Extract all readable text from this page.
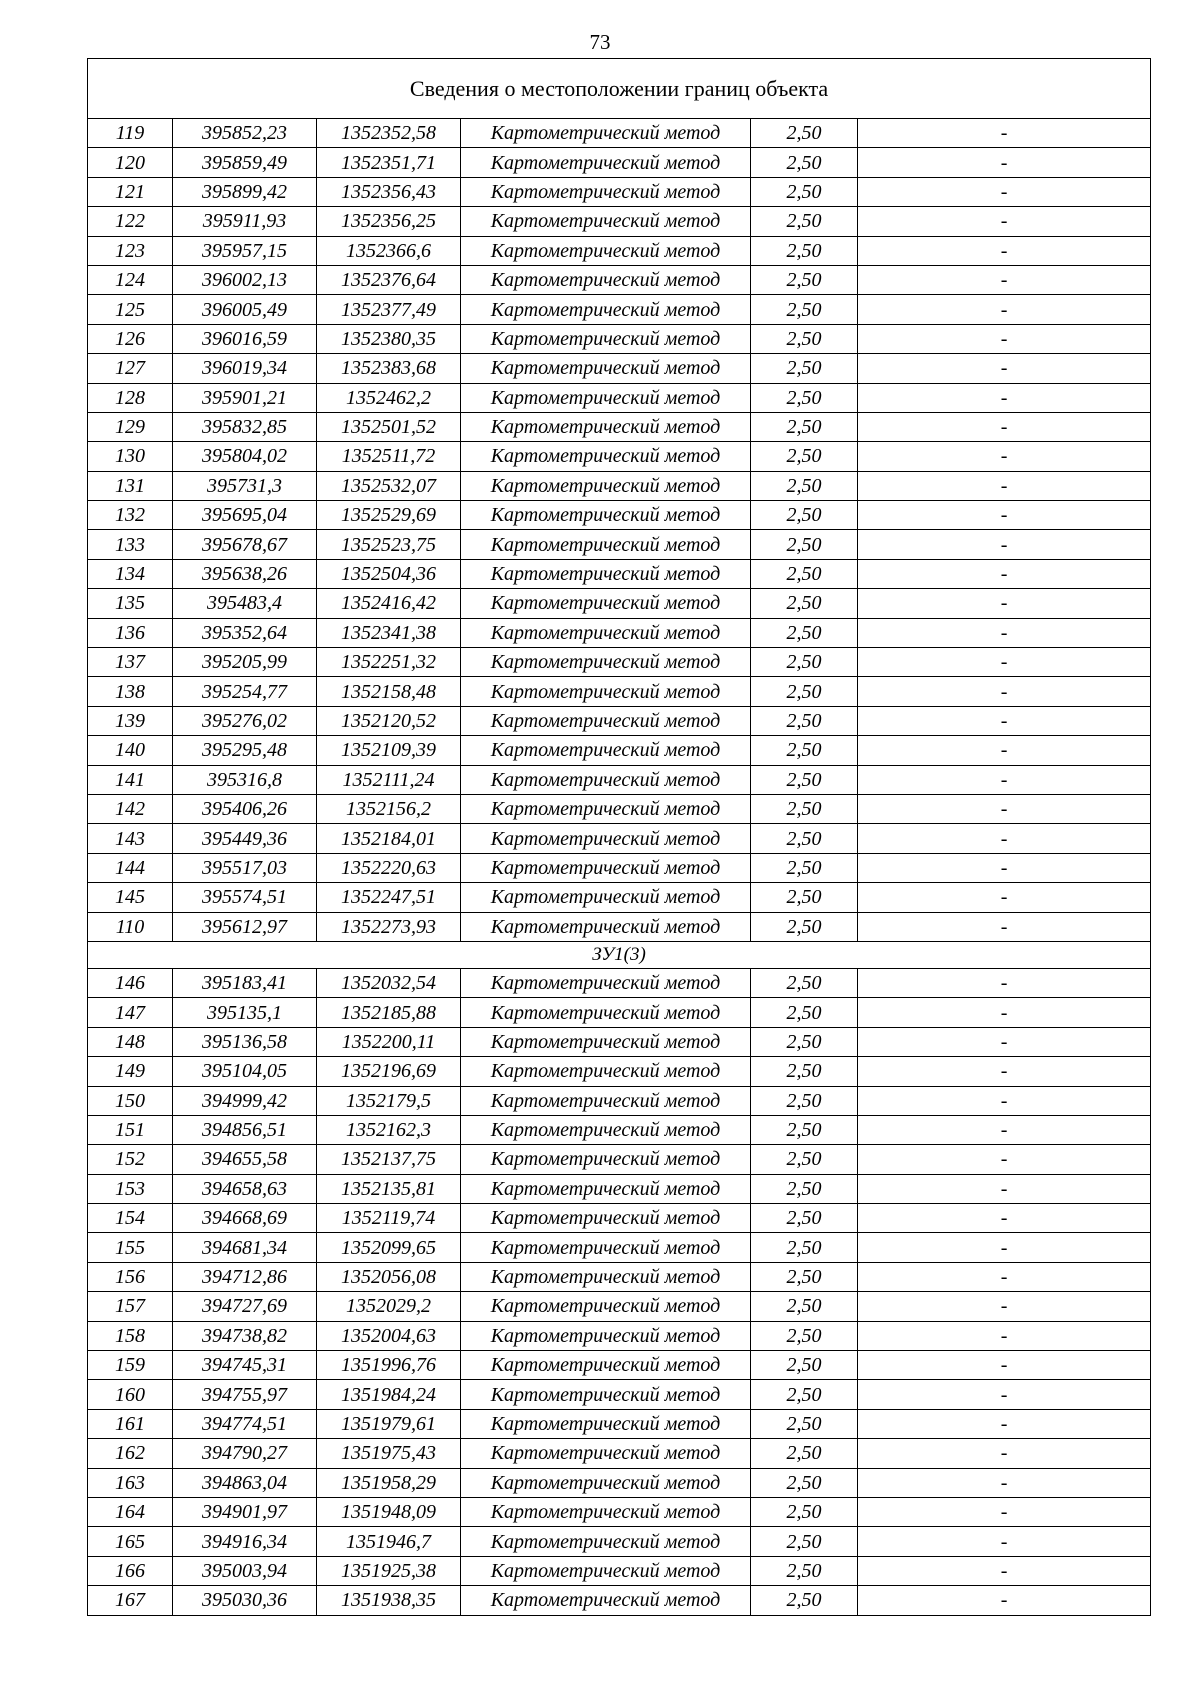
73
Сведения о местоположении границ объекта					
119	395852,23	1352352,58	Картометрический метод	2,50	-
120	395859,49	1352351,71	Картометрический метод	2,50	-
121	395899,42	1352356,43	Картометрический метод	2,50	-
122	395911,93	1352356,25	Картометрический метод	2,50	-
123	395957,15	1352366,6	Картометрический метод	2,50	-
124	396002,13	1352376,64	Картометрический метод	2,50	-
125	396005,49	1352377,49	Картометрический метод	2,50	-
126	396016,59	1352380,35	Картометрический метод	2,50	-
127	396019,34	1352383,68	Картометрический метод	2,50	-
128	395901,21	1352462,2	Картометрический метод	2,50	-
129	395832,85	1352501,52	Картометрический метод	2,50	-
130	395804,02	1352511,72	Картометрический метод	2,50	-
131	395731,3	1352532,07	Картометрический метод	2,50	-
132	395695,04	1352529,69	Картометрический метод	2,50	-
133	395678,67	1352523,75	Картометрический метод	2,50	-
134	395638,26	1352504,36	Картометрический метод	2,50	-
135	395483,4	1352416,42	Картометрический метод	2,50	-
136	395352,64	1352341,38	Картометрический метод	2,50	-
137	395205,99	1352251,32	Картометрический метод	2,50	-
138	395254,77	1352158,48	Картометрический метод	2,50	-
139	395276,02	1352120,52	Картометрический метод	2,50	-
140	395295,48	1352109,39	Картометрический метод	2,50	-
141	395316,8	1352111,24	Картометрический метод	2,50	-
142	395406,26	1352156,2	Картометрический метод	2,50	-
143	395449,36	1352184,01	Картометрический метод	2,50	-
144	395517,03	1352220,63	Картометрический метод	2,50	-
145	395574,51	1352247,51	Картометрический метод	2,50	-
110	395612,97	1352273,93	Картометрический метод	2,50	-
ЗУ1(3)					
146	395183,41	1352032,54	Картометрический метод	2,50	-
147	395135,1	1352185,88	Картометрический метод	2,50	-
148	395136,58	1352200,11	Картометрический метод	2,50	-
149	395104,05	1352196,69	Картометрический метод	2,50	-
150	394999,42	1352179,5	Картометрический метод	2,50	-
151	394856,51	1352162,3	Картометрический метод	2,50	-
152	394655,58	1352137,75	Картометрический метод	2,50	-
153	394658,63	1352135,81	Картометрический метод	2,50	-
154	394668,69	1352119,74	Картометрический метод	2,50	-
155	394681,34	1352099,65	Картометрический метод	2,50	-
156	394712,86	1352056,08	Картометрический метод	2,50	-
157	394727,69	1352029,2	Картометрический метод	2,50	-
158	394738,82	1352004,63	Картометрический метод	2,50	-
159	394745,31	1351996,76	Картометрический метод	2,50	-
160	394755,97	1351984,24	Картометрический метод	2,50	-
161	394774,51	1351979,61	Картометрический метод	2,50	-
162	394790,27	1351975,43	Картометрический метод	2,50	-
163	394863,04	1351958,29	Картометрический метод	2,50	-
164	394901,97	1351948,09	Картометрический метод	2,50	-
165	394916,34	1351946,7	Картометрический метод	2,50	-
166	395003,94	1351925,38	Картометрический метод	2,50	-
167	395030,36	1351938,35	Картометрический метод	2,50	-
